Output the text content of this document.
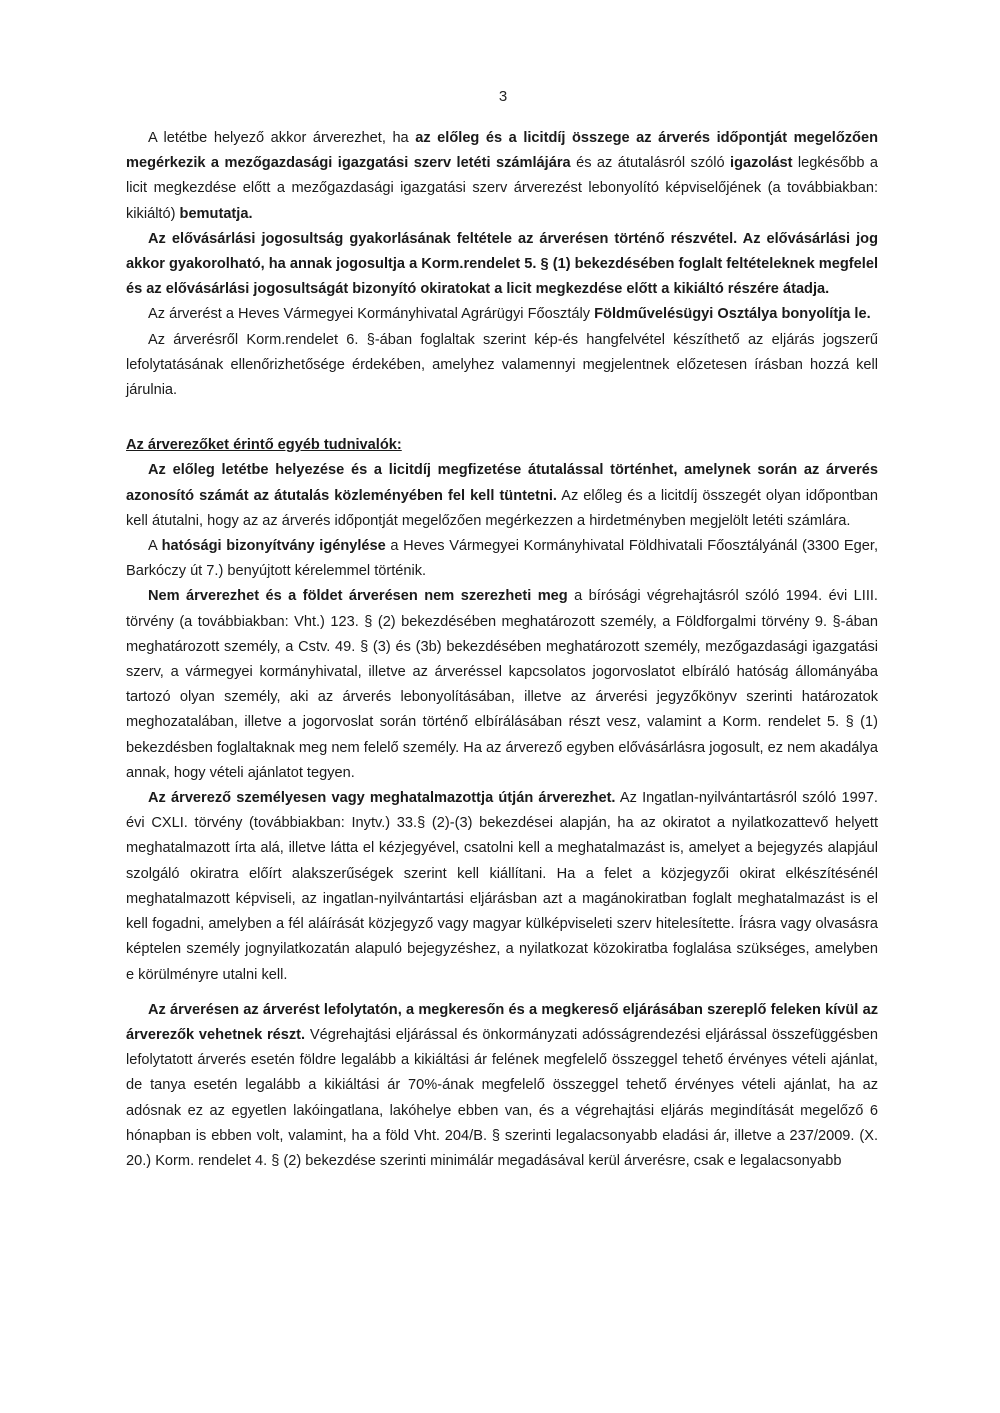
3

A letétbe helyező akkor árverezhet, ha az előleg és a licitdíj összege az árverés időpontját megelőzően megérkezik a mezőgazdasági igazgatási szerv letéti számlájára és az átutalásról szóló igazolást legkésőbb a licit megkezdése előtt a mezőgazdasági igazgatási szerv árverezést lebonyolító képviselőjének (a továbbiakban: kikiáltó) bemutatja.

Az elővásárlási jogosultság gyakorlásának feltétele az árverésen történő részvétel. Az elővásárlási jog akkor gyakorolható, ha annak jogosultja a Korm.rendelet 5. § (1) bekezdésében foglalt feltételeknek megfelel és az elővásárlási jogosultságát bizonyító okiratokat a licit megkezdése előtt a kikiáltó részére átadja.

Az árverést a Heves Vármegyei Kormányhivatal Agrárügyi Főosztály Földművelésügyi Osztálya bonyolítja le.

Az árverésről Korm.rendelet 6. §-ában foglaltak szerint kép-és hangfelvétel készíthető az eljárás jogszerű lefolytatásának ellenőrizhetősége érdekében, amelyhez valamennyi megjelentnek előzetesen írásban hozzá kell járulnia.

Az árverezőket érintő egyéb tudnivalók:

Az előleg letétbe helyezése és a licitdíj megfizetése átutalással történhet, amelynek során az árverés azonosító számát az átutalás közleményében fel kell tüntetni. Az előleg és a licitdíj összegét olyan időpontban kell átutalni, hogy az az árverés időpontját megelőzően megérkezzen a hirdetményben megjelölt letéti számlára.

A hatósági bizonyítvány igénylése a Heves Vármegyei Kormányhivatal Földhivatali Főosztályánál (3300 Eger, Barkóczy út 7.) benyújtott kérelemmel történik.

Nem árverezhet és a földet árverésen nem szerezheti meg a bírósági végrehajtásról szóló 1994. évi LIII. törvény (a továbbiakban: Vht.) 123. § (2) bekezdésében meghatározott személy, a Földforgalmi törvény 9. §-ában meghatározott személy, a Cstv. 49. § (3) és (3b) bekezdésében meghatározott személy, mezőgazdasági igazgatási szerv, a vármegyei kormányhivatal, illetve az árveréssel kapcsolatos jogorvoslatot elbíráló hatóság állományába tartozó olyan személy, aki az árverés lebonyolításában, illetve az árverési jegyzőkönyv szerinti határozatok meghozatalában, illetve a jogorvoslat során történő elbírálásában részt vesz, valamint a Korm. rendelet 5. § (1) bekezdésben foglaltaknak meg nem felelő személy. Ha az árverező egyben elővásárlásra jogosult, ez nem akadálya annak, hogy vételi ajánlatot tegyen.

Az árverező személyesen vagy meghatalmazottja útján árverezhet. Az Ingatlan-nyilvántartásról szóló 1997. évi CXLI. törvény (továbbiakban: Inytv.) 33.§ (2)-(3) bekezdései alapján, ha az okiratot a nyilatkozattevő helyett meghatalmazott írta alá, illetve látta el kézjegyével, csatolni kell a meghatalmazást is, amelyet a bejegyzés alapjául szolgáló okiratra előírt alakszerűségek szerint kell kiállítani. Ha a felet a közjegyzői okirat elkészítésénél meghatalmazott képviseli, az ingatlan-nyilvántartási eljárásban azt a magánokiratban foglalt meghatalmazást is el kell fogadni, amelyben a fél aláírását közjegyző vagy magyar külképviseleti szerv hitelesítette. Írásra vagy olvasásra képtelen személy jognyilatkozatán alapuló bejegyzéshez, a nyilatkozat közokiratba foglalása szükséges, amelyben e körülményre utalni kell.

Az árverésen az árverést lefolytatón, a megkeresőn és a megkereső eljárásában szereplő feleken kívül az árverezők vehetnek részt. Végrehajtási eljárással és önkormányzati adósságrendezési eljárással összefüggésben lefolytatott árverés esetén földre legalább a kikiáltási ár felének megfelelő összeggel tehető érvényes vételi ajánlat, de tanya esetén legalább a kikiáltási ár 70%-ának megfelelő összeggel tehető érvényes vételi ajánlat, ha az adósnak ez az egyetlen lakóingatlana, lakóhelye ebben van, és a végrehajtási eljárás megindítását megelőző 6 hónapban is ebben volt, valamint, ha a föld Vht. 204/B. § szerinti legalacsonyabb eladási ár, illetve a 237/2009. (X. 20.) Korm. rendelet 4. § (2) bekezdése szerinti minimálár megadásával kerül árverésre, csak e legalacsonyabb
